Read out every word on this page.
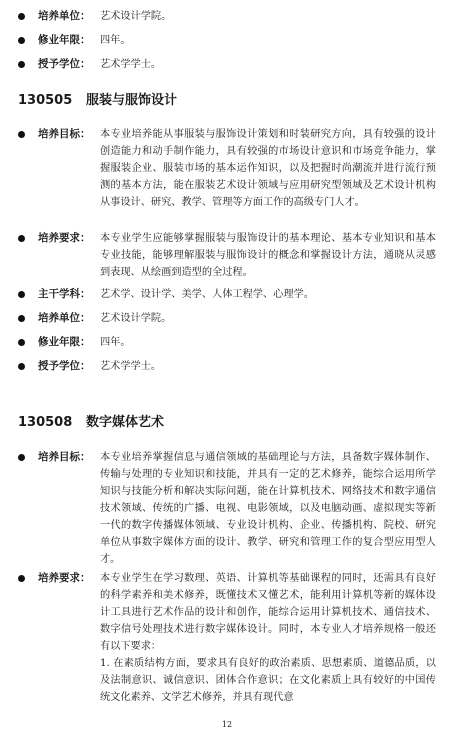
培养单位： 艺术设计学院。
修业年限： 四年。
授予学位： 艺术学学士。
130505 服装与服饰设计
培养目标： 本专业培养能从事服装与服饰设计策划和时装研究方向，具有较强的设计创造能力和动手制作能力，具有较强的市场设计意识和市场竞争能力，掌握服装企业、服装市场的基本运作知识，以及把握时尚潮流并进行流行预测的基本方法，能在服装艺术设计领域与应用研究型领域及艺术设计机构从事设计、研究、教学、管理等方面工作的高级专门人才。
培养要求： 本专业学生应能够掌握服装与服饰设计的基本理论、基本专业知识和基本专业技能，能够理解服装与服饰设计的概念和掌握设计方法，通晓从灵感到表现、从绘画到造型的全过程。
主干学科： 艺术学、设计学、美学、人体工程学、心理学。
培养单位： 艺术设计学院。
修业年限： 四年。
授予学位： 艺术学学士。
130508 数字媒体艺术
培养目标： 本专业培养掌握信息与通信领域的基础理论与方法，具备数字媒体制作、传输与处理的专业知识和技能，并具有一定的艺术修养，能综合运用所学知识与技能分析和解决实际问题，能在计算机技术、网络技术和数字通信技术领域、传统的广播、电视、电影领域，以及电脑动画、虚拟现实等新一代的数字传播媒体领域、专业设计机构、企业、传播机构、院校、研究单位从事数字媒体方面的设计、教学、研究和管理工作的复合型应用型人才。
培养要求： 本专业学生在学习数理、英语、计算机等基础课程的同时，还需具有良好的科学素养和美术修养，既懂技术又懂艺术，能利用计算机等新的媒体设计工具进行艺术作品的设计和创作，能综合运用计算机技术、通信技术、数字信号处理技术进行数字媒体设计。同时，本专业人才培养规格一般还有以下要求：
1. 在素质结构方面，要求具有良好的政治素质、思想素质、道德品质，以及法制意识、诚信意识、团体合作意识；在文化素质上具有较好的中国传统文化素养、文学艺术修养，并具有现代意
12
